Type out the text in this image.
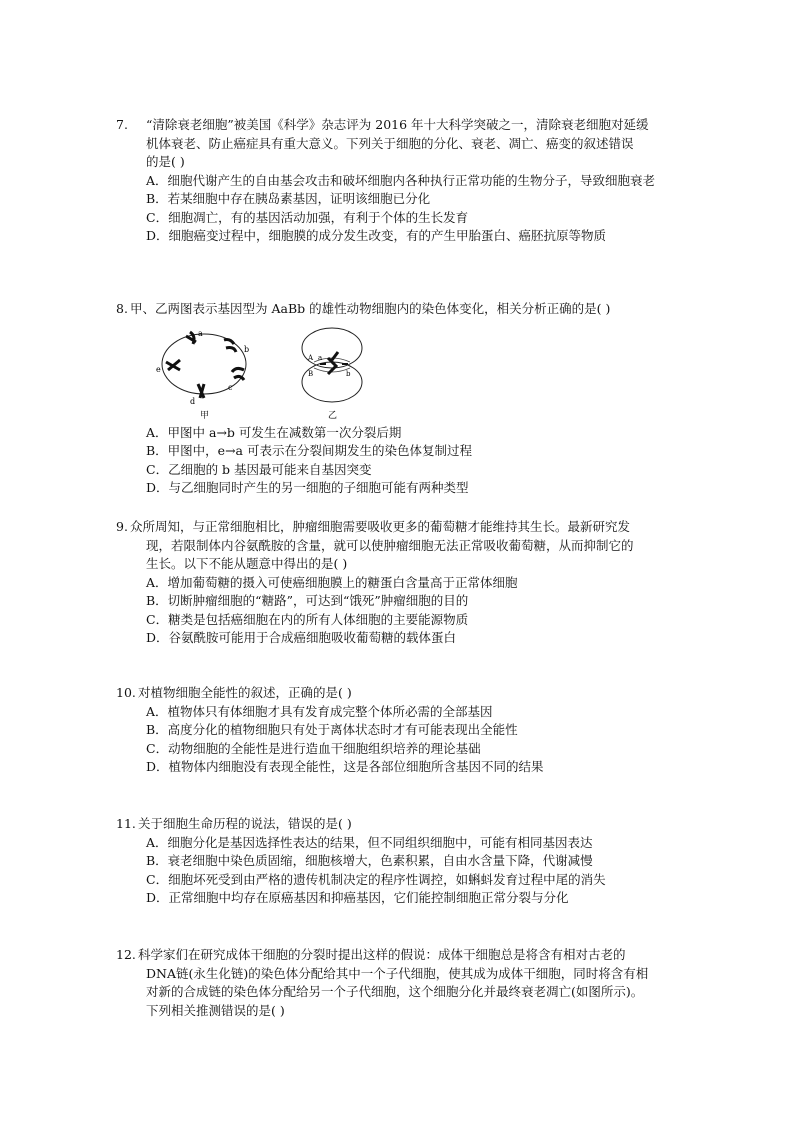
7.	“清除衰老细胞”被美国《科学》杂志评为 2016 年十大科学突破之一，清除衰老细胞对延缓
机体衰老、防止癌症具有重大意义。下列关于细胞的分化、衰老、凋亡、癌变的叙述错误
的是( )
A．细胞代谢产生的自由基会攻击和破坏细胞内各种执行正常功能的生物分子，导致细胞衰老
B．若某细胞中存在胰岛素基因，证明该细胞已分化
C．细胞凋亡，有的基因活动加强，有利于个体的生长发育
D．细胞癌变过程中，细胞膜的成分发生改变，有的产生甲胎蛋白、癌胚抗原等物质
8. 甲、乙两图表示基因型为 AaBb 的雄性动物细胞内的染色体变化，相关分析正确的是( )
a
b
c
d
e
甲
A a
B	b
乙
A．甲图中 a→b 可发生在减数第一次分裂后期
B．甲图中，e→a 可表示在分裂间期发生的染色体复制过程
C．乙细胞的 b 基因最可能来自基因突变
D．与乙细胞同时产生的另一细胞的子细胞可能有两种类型
9. 众所周知，与正常细胞相比，肿瘤细胞需要吸收更多的葡萄糖才能维持其生长。最新研究发
现，若限制体内谷氨酰胺的含量，就可以使肿瘤细胞无法正常吸收葡萄糖，从而抑制它的
生长。以下不能从题意中得出的是( )
A．增加葡萄糖的摄入可使癌细胞膜上的糖蛋白含量高于正常体细胞
B．切断肿瘤细胞的“糖路”，可达到“饿死”肿瘤细胞的目的
C．糖类是包括癌细胞在内的所有人体细胞的主要能源物质
D．谷氨酰胺可能用于合成癌细胞吸收葡萄糖的载体蛋白
10. 对植物细胞全能性的叙述，正确的是( )
A．植物体只有体细胞才具有发育成完整个体所必需的全部基因
B．高度分化的植物细胞只有处于离体状态时才有可能表现出全能性
C．动物细胞的全能性是进行造血干细胞组织培养的理论基础
D．植物体内细胞没有表现全能性，这是各部位细胞所含基因不同的结果
11. 关于细胞生命历程的说法，错误的是( )
A．细胞分化是基因选择性表达的结果，但不同组织细胞中，可能有相同基因表达
B．衰老细胞中染色质固缩，细胞核增大，色素积累，自由水含量下降，代谢减慢
C．细胞坏死受到由严格的遗传机制决定的程序性调控，如蝌蚪发育过程中尾的消失
D．正常细胞中均存在原癌基因和抑癌基因，它们能控制细胞正常分裂与分化
12. 科学家们在研究成体干细胞的分裂时提出这样的假说：成体干细胞总是将含有相对古老的
DNA链(永生化链)的染色体分配给其中一个子代细胞，使其成为成体干细胞，同时将含有相
对新的合成链的染色体分配给另一个子代细胞，这个细胞分化并最终衰老凋亡(如图所示)。
下列相关推测错误的是( )
